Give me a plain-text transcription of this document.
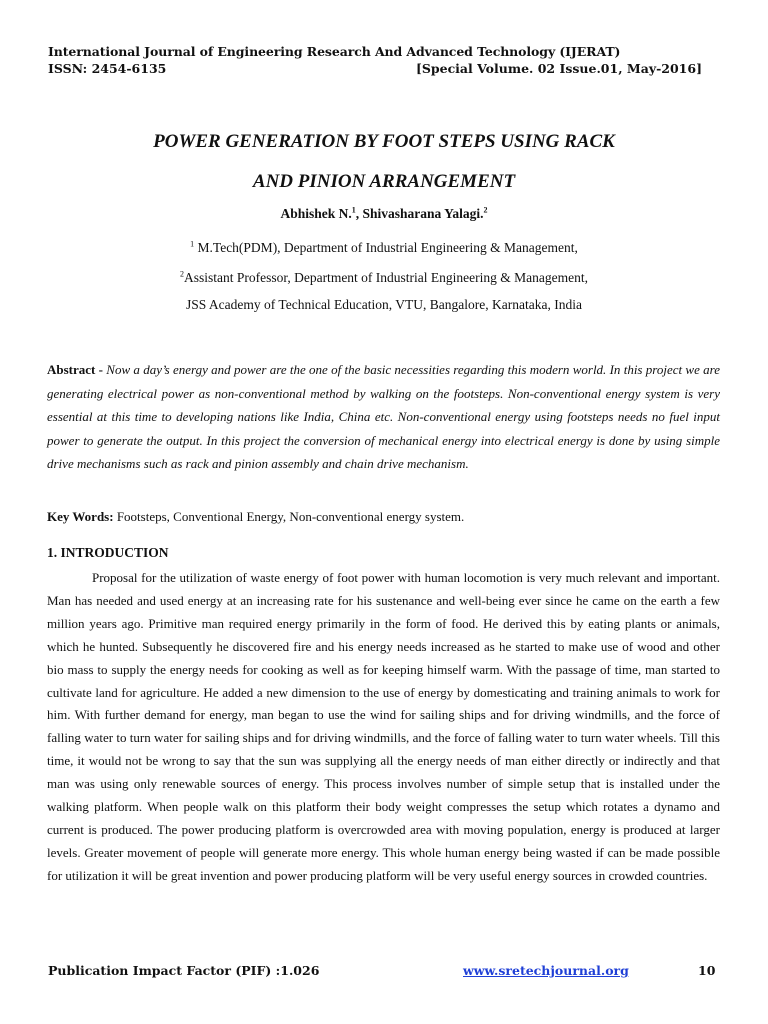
International Journal of Engineering Research And Advanced Technology (IJERAT)
ISSN: 2454-6135	[Special Volume. 02 Issue.01, May-2016]
POWER GENERATION BY FOOT STEPS USING RACK
AND PINION ARRANGEMENT
Abhishek N.$^1$, Shivasharana Yalagi.$^2$
$^1$ M.Tech(PDM), Department of Industrial Engineering & Management,
$^2$Assistant Professor, Department of Industrial Engineering & Management,
JSS Academy of Technical Education, VTU, Bangalore, Karnataka, India
Abstract - Now a day’s energy and power are the one of the basic necessities regarding this modern world. In this project we are generating electrical power as non-conventional method by walking on the footsteps. Non-conventional energy system is very essential at this time to developing nations like India, China etc. Non-conventional energy using footsteps needs no fuel input power to generate the output. In this project the conversion of mechanical energy into electrical energy is done by using simple drive mechanisms such as rack and pinion assembly and chain drive mechanism.
Key Words: Footsteps, Conventional Energy, Non-conventional energy system.
1. INTRODUCTION
Proposal for the utilization of waste energy of foot power with human locomotion is very much relevant and important. Man has needed and used energy at an increasing rate for his sustenance and well-being ever since he came on the earth a few million years ago. Primitive man required energy primarily in the form of food. He derived this by eating plants or animals, which he hunted. Subsequently he discovered fire and his energy needs increased as he started to make use of wood and other bio mass to supply the energy needs for cooking as well as for keeping himself warm. With the passage of time, man started to cultivate land for agriculture. He added a new dimension to the use of energy by domesticating and training animals to work for him. With further demand for energy, man began to use the wind for sailing ships and for driving windmills, and the force of falling water to turn water for sailing ships and for driving windmills, and the force of falling water to turn water wheels. Till this time, it would not be wrong to say that the sun was supplying all the energy needs of man either directly or indirectly and that man was using only renewable sources of energy. This process involves number of simple setup that is installed under the walking platform. When people walk on this platform their body weight compresses the setup which rotates a dynamo and current is produced. The power producing platform is overcrowded area with moving population, energy is produced at larger levels. Greater movement of people will generate more energy. This whole human energy being wasted if can be made possible for utilization it will be great invention and power producing platform will be very useful energy sources in crowded countries.
Publication Impact Factor (PIF) :1.026	www.sretechjournal.org	10
